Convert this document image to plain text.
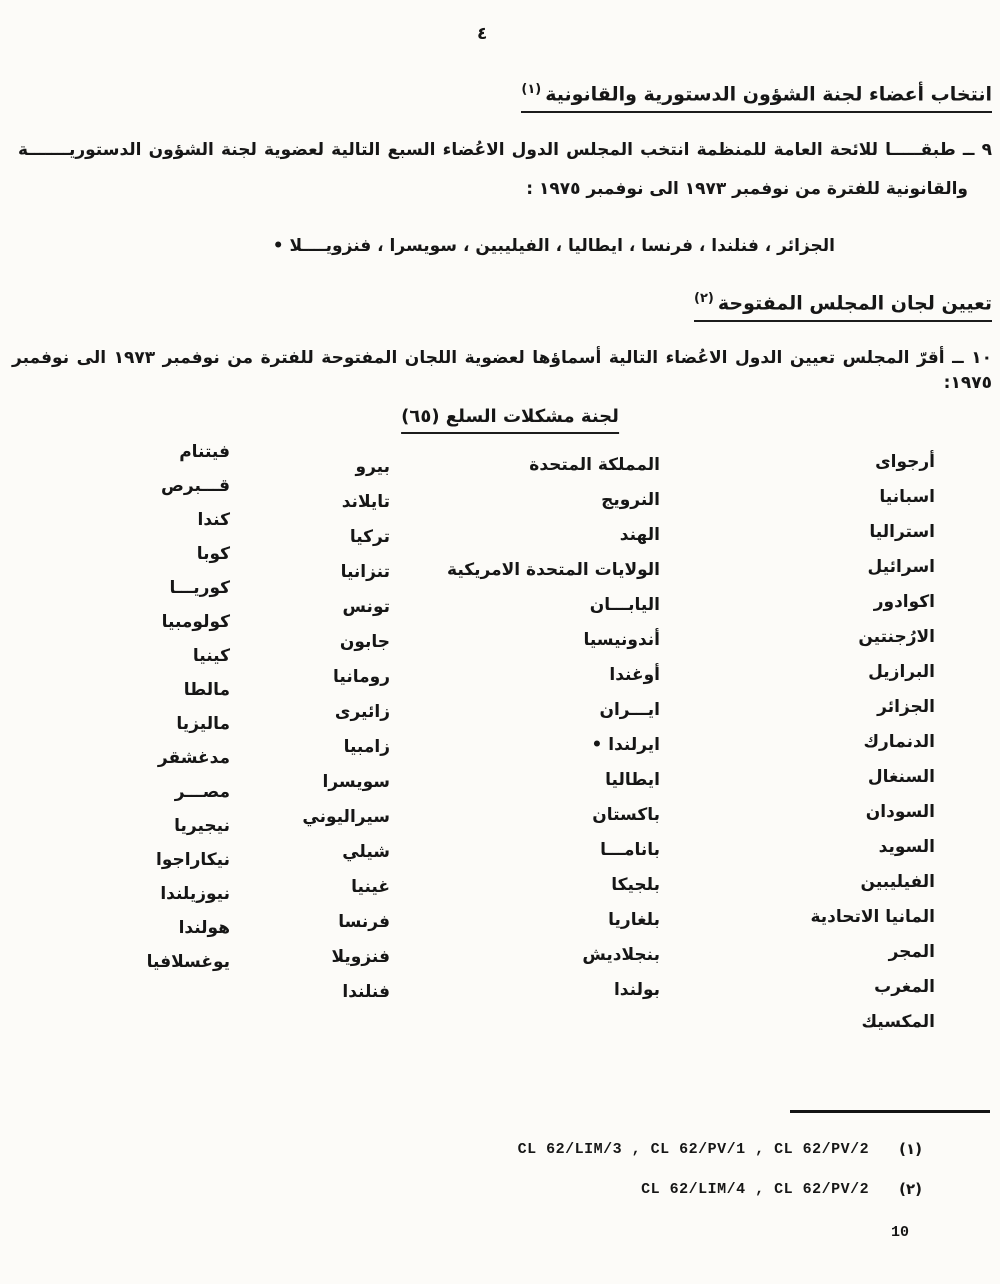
٤
انتخاب أعضاء لجنة الشؤون الدستورية والقانونية$^{(١)}$

٩ ــ طبقـــــا للائحة العامة للمنظمة انتخب المجلس الدول الاعُضاء السبع التالية لعضوية لجنة الشؤون الدستوريـــــــة

والقانونية للفترة من نوفمبر ١٩٧٣ الى نوفمبر ١٩٧٥ :

الجزائر ، فنلندا ، فرنسا ، ايطاليا ، الفيليبين ، سويسرا ، فنزويــــلا •

تعيين لجان المجلس المفتوحة$^{(٢)}$

١٠ ــ أقرّ المجلس تعيين الدول الاعُضاء التالية أسماؤها لعضوية اللجان المفتوحة للفترة من نوفمبر ١٩٧٣ الى نوفمبر ١٩٧٥:

لجنة مشكلات السلع (٦٥)
أرجواى
اسبانيا
استراليا
اسرائيل
اكوادور
الارُجنتين
البرازيل
الجزائر
الدنمارك
السنغال
السودان
السويد
الفيليبين
المانيا الاتحادية
المجر
المغرب
المكسيك
المملكة المتحدة
النرويج
الهند
الولايات المتحدة الامريكية
اليابـــان
أندونيسيا
أوغندا
ايـــران
ايرلندا •
ايطاليا
باكستان
بانامـــا
بلجيكا
بلغاريا
بنجلاديش
بولندا
بيرو
تايلاند
تركيا
تنزانيا
تونس
جابون
رومانيا
زائيرى
زامبيا
سويسرا
سيراليوني
شيلي
غينيا
فرنسا
فنزويلا
فنلندا
فيتنام
قـــبرص
كندا
كوبا
كوريـــا
كولومبيا
كينيا
مالطا
ماليزيا
مدغشقر
مصـــر
نيجيريا
نيكاراجوا
نيوزيلندا
هولندا
يوغسلافيا
(١)
CL 62/LIM/3 , CL 62/PV/1 , CL 62/PV/2
(٢)
CL 62/LIM/4 , CL 62/PV/2
10
